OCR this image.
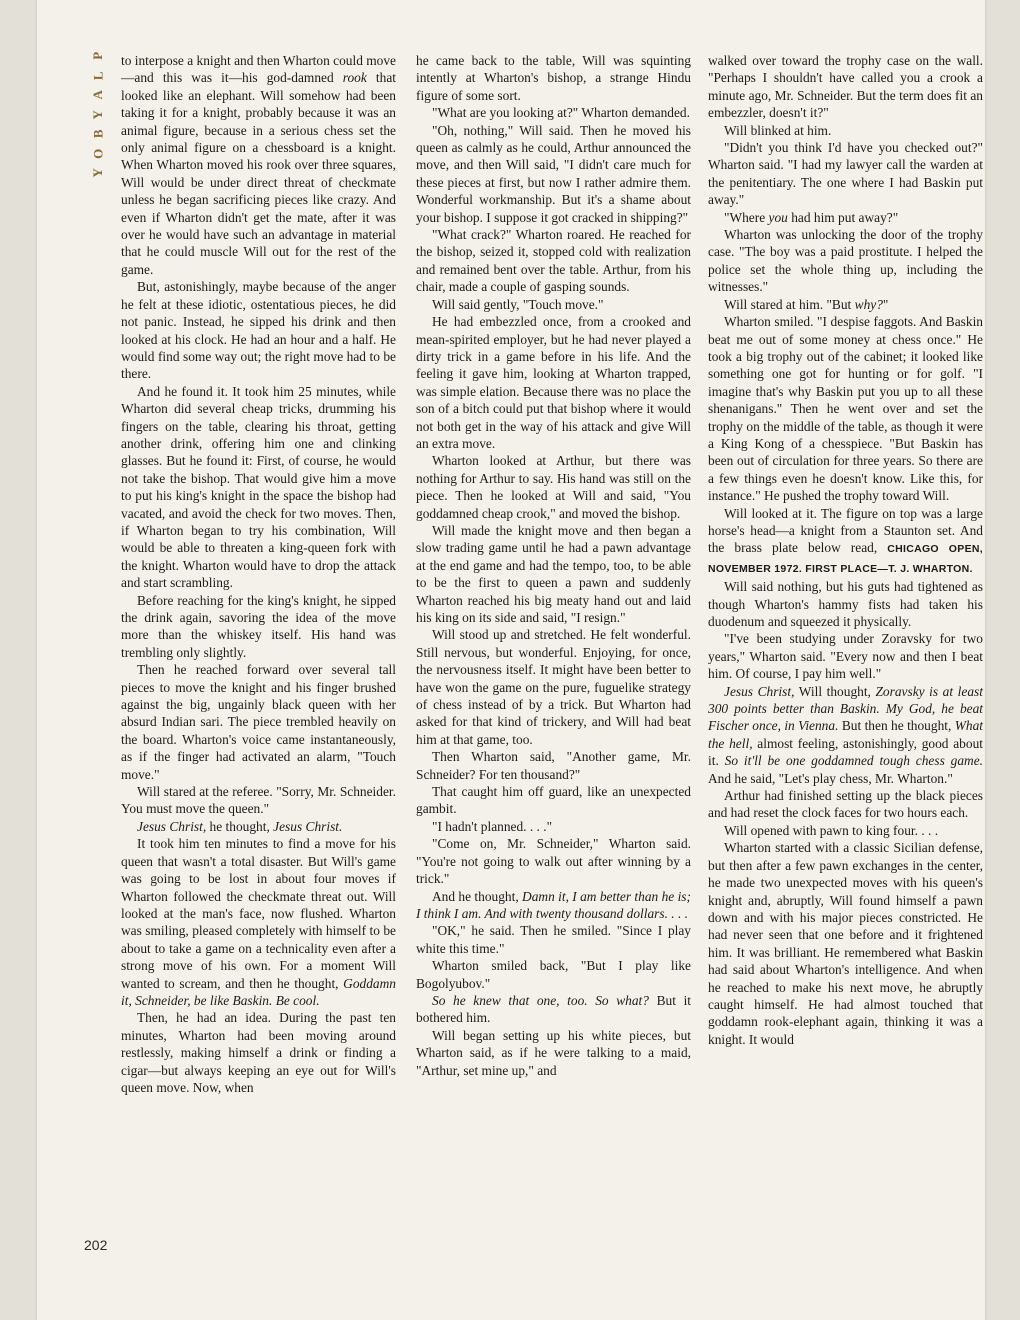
P
L
A
Y
B
O
Y

to interpose a knight and then Wharton could move—and this was it—his god-damned rook that looked like an elephant. Will somehow had been taking it for a knight, probably because it was an animal figure, because in a serious chess set the only animal figure on a chessboard is a knight. When Wharton moved his rook over three squares, Will would be under direct threat of checkmate unless he began sacrificing pieces like crazy. And even if Wharton didn't get the mate, after it was over he would have such an advantage in material that he could muscle Will out for the rest of the game.

But, astonishingly, maybe because of the anger he felt at these idiotic, ostentatious pieces, he did not panic. Instead, he sipped his drink and then looked at his clock. He had an hour and a half. He would find some way out; the right move had to be there.

And he found it. It took him 25 minutes, while Wharton did several cheap tricks, drumming his fingers on the table, clearing his throat, getting another drink, offering him one and clinking glasses. But he found it: First, of course, he would not take the bishop. That would give him a move to put his king's knight in the space the bishop had vacated, and avoid the check for two moves. Then, if Wharton began to try his combination, Will would be able to threaten a king-queen fork with the knight. Wharton would have to drop the attack and start scrambling.

Before reaching for the king's knight, he sipped the drink again, savoring the idea of the move more than the whiskey itself. His hand was trembling only slightly.

Then he reached forward over several tall pieces to move the knight and his finger brushed against the big, ungainly black queen with her absurd Indian sari. The piece trembled heavily on the board. Wharton's voice came instantaneously, as if the finger had activated an alarm, "Touch move."

Will stared at the referee. "Sorry, Mr. Schneider. You must move the queen."

Jesus Christ, he thought, Jesus Christ.

It took him ten minutes to find a move for his queen that wasn't a total disaster. But Will's game was going to be lost in about four moves if Wharton followed the checkmate threat out. Will looked at the man's face, now flushed. Wharton was smiling, pleased completely with himself to be about to take a game on a technicality even after a strong move of his own. For a moment Will wanted to scream, and then he thought, Goddamn it, Schneider, be like Baskin. Be cool.

Then, he had an idea. During the past ten minutes, Wharton had been moving around restlessly, making himself a drink or finding a cigar—but always keeping an eye out for Will's queen move. Now, when

he came back to the table, Will was squinting intently at Wharton's bishop, a strange Hindu figure of some sort.

"What are you looking at?" Wharton demanded.

"Oh, nothing," Will said. Then he moved his queen as calmly as he could, Arthur announced the move, and then Will said, "I didn't care much for these pieces at first, but now I rather admire them. Wonderful workmanship. But it's a shame about your bishop. I suppose it got cracked in shipping?"

"What crack?" Wharton roared. He reached for the bishop, seized it, stopped cold with realization and remained bent over the table. Arthur, from his chair, made a couple of gasping sounds.

Will said gently, "Touch move."

He had embezzled once, from a crooked and mean-spirited employer, but he had never played a dirty trick in a game before in his life. And the feeling it gave him, looking at Wharton trapped, was simple elation. Because there was no place the son of a bitch could put that bishop where it would not both get in the way of his attack and give Will an extra move.

Wharton looked at Arthur, but there was nothing for Arthur to say. His hand was still on the piece. Then he looked at Will and said, "You goddamned cheap crook," and moved the bishop.

Will made the knight move and then began a slow trading game until he had a pawn advantage at the end game and had the tempo, too, to be able to be the first to queen a pawn and suddenly Wharton reached his big meaty hand out and laid his king on its side and said, "I resign."

Will stood up and stretched. He felt wonderful. Still nervous, but wonderful. Enjoying, for once, the nervousness itself. It might have been better to have won the game on the pure, fuguelike strategy of chess instead of by a trick. But Wharton had asked for that kind of trickery, and Will had beat him at that game, too.

Then Wharton said, "Another game, Mr. Schneider? For ten thousand?"

That caught him off guard, like an unexpected gambit.

"I hadn't planned. . . ."

"Come on, Mr. Schneider," Wharton said. "You're not going to walk out after winning by a trick."

And he thought, Damn it, I am better than he is; I think I am. And with twenty thousand dollars. . . .

"OK," he said. Then he smiled. "Since I play white this time."

Wharton smiled back, "But I play like Bogolyubov."

So he knew that one, too. So what? But it bothered him.

Will began setting up his white pieces, but Wharton said, as if he were talking to a maid, "Arthur, set mine up," and

walked over toward the trophy case on the wall. "Perhaps I shouldn't have called you a crook a minute ago, Mr. Schneider. But the term does fit an embezzler, doesn't it?"

Will blinked at him.

"Didn't you think I'd have you checked out?" Wharton said. "I had my lawyer call the warden at the penitentiary. The one where I had Baskin put away."

"Where you had him put away?"

Wharton was unlocking the door of the trophy case. "The boy was a paid prostitute. I helped the police set the whole thing up, including the witnesses."

Will stared at him. "But why?"

Wharton smiled. "I despise faggots. And Baskin beat me out of some money at chess once." He took a big trophy out of the cabinet; it looked like something one got for hunting or for golf. "I imagine that's why Baskin put you up to all these shenanigans." Then he went over and set the trophy on the middle of the table, as though it were a King Kong of a chesspiece. "But Baskin has been out of circulation for three years. So there are a few things even he doesn't know. Like this, for instance." He pushed the trophy toward Will.

Will looked at it. The figure on top was a large horse's head—a knight from a Staunton set. And the brass plate below read, CHICAGO OPEN, NOVEMBER 1972. FIRST PLACE—T. J. WHARTON.

Will said nothing, but his guts had tightened as though Wharton's hammy fists had taken his duodenum and squeezed it physically.

"I've been studying under Zoravsky for two years," Wharton said. "Every now and then I beat him. Of course, I pay him well."

Jesus Christ, Will thought, Zoravsky is at least 300 points better than Baskin. My God, he beat Fischer once, in Vienna. But then he thought, What the hell, almost feeling, astonishingly, good about it. So it'll be one goddamned tough chess game. And he said, "Let's play chess, Mr. Wharton."

Arthur had finished setting up the black pieces and had reset the clock faces for two hours each.

Will opened with pawn to king four. . . .

Wharton started with a classic Sicilian defense, but then after a few pawn exchanges in the center, he made two unexpected moves with his queen's knight and, abruptly, Will found himself a pawn down and with his major pieces constricted. He had never seen that one before and it frightened him. It was brilliant. He remembered what Baskin had said about Wharton's intelligence. And when he reached to make his next move, he abruptly caught himself. He had almost touched that goddamn rook-elephant again, thinking it was a knight. It would

202
